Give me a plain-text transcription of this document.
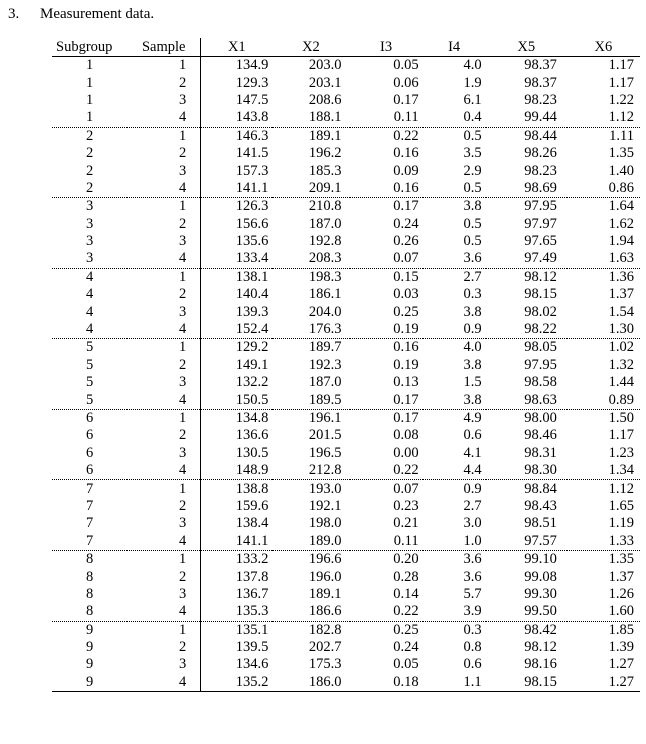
3. Measurement data.
Subgroup	Sample	X1	X2	I3	I4	X5	X6
1	1	134.9	203.0	0.05	4.0	98.37	1.17
1	2	129.3	203.1	0.06	1.9	98.37	1.17
1	3	147.5	208.6	0.17	6.1	98.23	1.22
1	4	143.8	188.1	0.11	0.4	99.44	1.12
2	1	146.3	189.1	0.22	0.5	98.44	1.11
2	2	141.5	196.2	0.16	3.5	98.26	1.35
2	3	157.3	185.3	0.09	2.9	98.23	1.40
2	4	141.1	209.1	0.16	0.5	98.69	0.86
3	1	126.3	210.8	0.17	3.8	97.95	1.64
3	2	156.6	187.0	0.24	0.5	97.97	1.62
3	3	135.6	192.8	0.26	0.5	97.65	1.94
3	4	133.4	208.3	0.07	3.6	97.49	1.63
4	1	138.1	198.3	0.15	2.7	98.12	1.36
4	2	140.4	186.1	0.03	0.3	98.15	1.37
4	3	139.3	204.0	0.25	3.8	98.02	1.54
4	4	152.4	176.3	0.19	0.9	98.22	1.30
5	1	129.2	189.7	0.16	4.0	98.05	1.02
5	2	149.1	192.3	0.19	3.8	97.95	1.32
5	3	132.2	187.0	0.13	1.5	98.58	1.44
5	4	150.5	189.5	0.17	3.8	98.63	0.89
6	1	134.8	196.1	0.17	4.9	98.00	1.50
6	2	136.6	201.5	0.08	0.6	98.46	1.17
6	3	130.5	196.5	0.00	4.1	98.31	1.23
6	4	148.9	212.8	0.22	4.4	98.30	1.34
7	1	138.8	193.0	0.07	0.9	98.84	1.12
7	2	159.6	192.1	0.23	2.7	98.43	1.65
7	3	138.4	198.0	0.21	3.0	98.51	1.19
7	4	141.1	189.0	0.11	1.0	97.57	1.33
8	1	133.2	196.6	0.20	3.6	99.10	1.35
8	2	137.8	196.0	0.28	3.6	99.08	1.37
8	3	136.7	189.1	0.14	5.7	99.30	1.26
8	4	135.3	186.6	0.22	3.9	99.50	1.60
9	1	135.1	182.8	0.25	0.3	98.42	1.85
9	2	139.5	202.7	0.24	0.8	98.12	1.39
9	3	134.6	175.3	0.05	0.6	98.16	1.27
9	4	135.2	186.0	0.18	1.1	98.15	1.27
